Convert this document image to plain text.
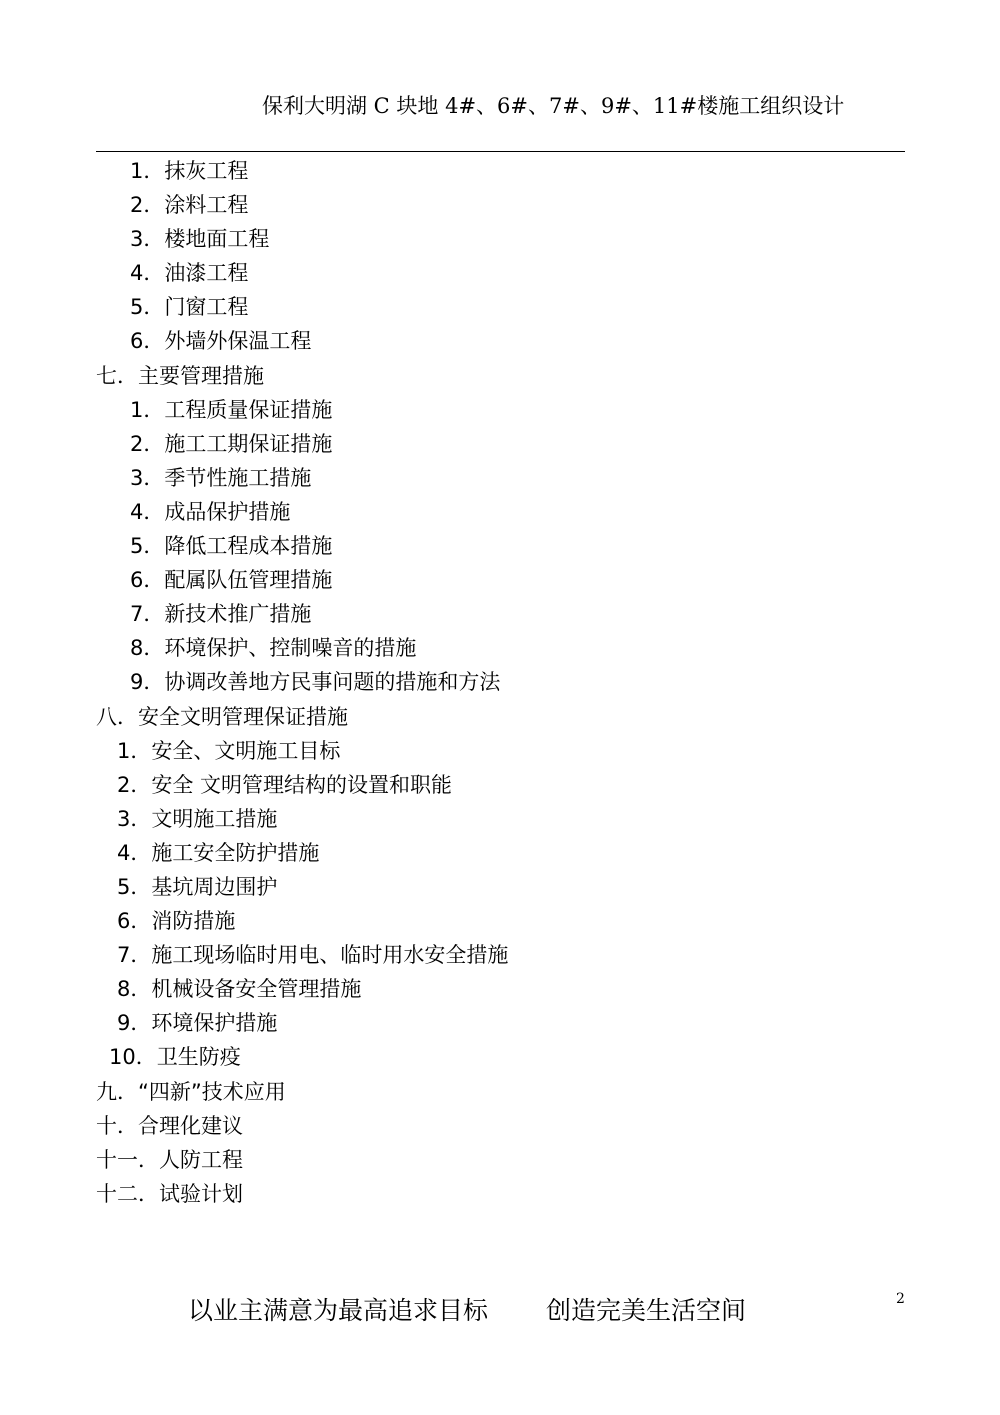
保利大明湖 C 块地 4#、6#、7#、9#、11#楼施工组织设计
1．抹灰工程
2．涂料工程
3．楼地面工程
4．油漆工程
5．门窗工程
6．外墙外保温工程
七．主要管理措施
1．工程质量保证措施
2．施工工期保证措施
3．季节性施工措施
4．成品保护措施
5．降低工程成本措施
6．配属队伍管理措施
7．新技术推广措施
8．环境保护、控制噪音的措施
9．协调改善地方民事问题的措施和方法
八．安全文明管理保证措施
1．安全、文明施工目标
2．安全 文明管理结构的设置和职能
3．文明施工措施
4．施工安全防护措施
5．基坑周边围护
6．消防措施
7．施工现场临时用电、临时用水安全措施
8．机械设备安全管理措施
9．环境保护措施
10．卫生防疫
九．“四新”技术应用
十．合理化建议
十一．人防工程
十二．试验计划
以业主满意为最高追求目标 创造完美生活空间	2
